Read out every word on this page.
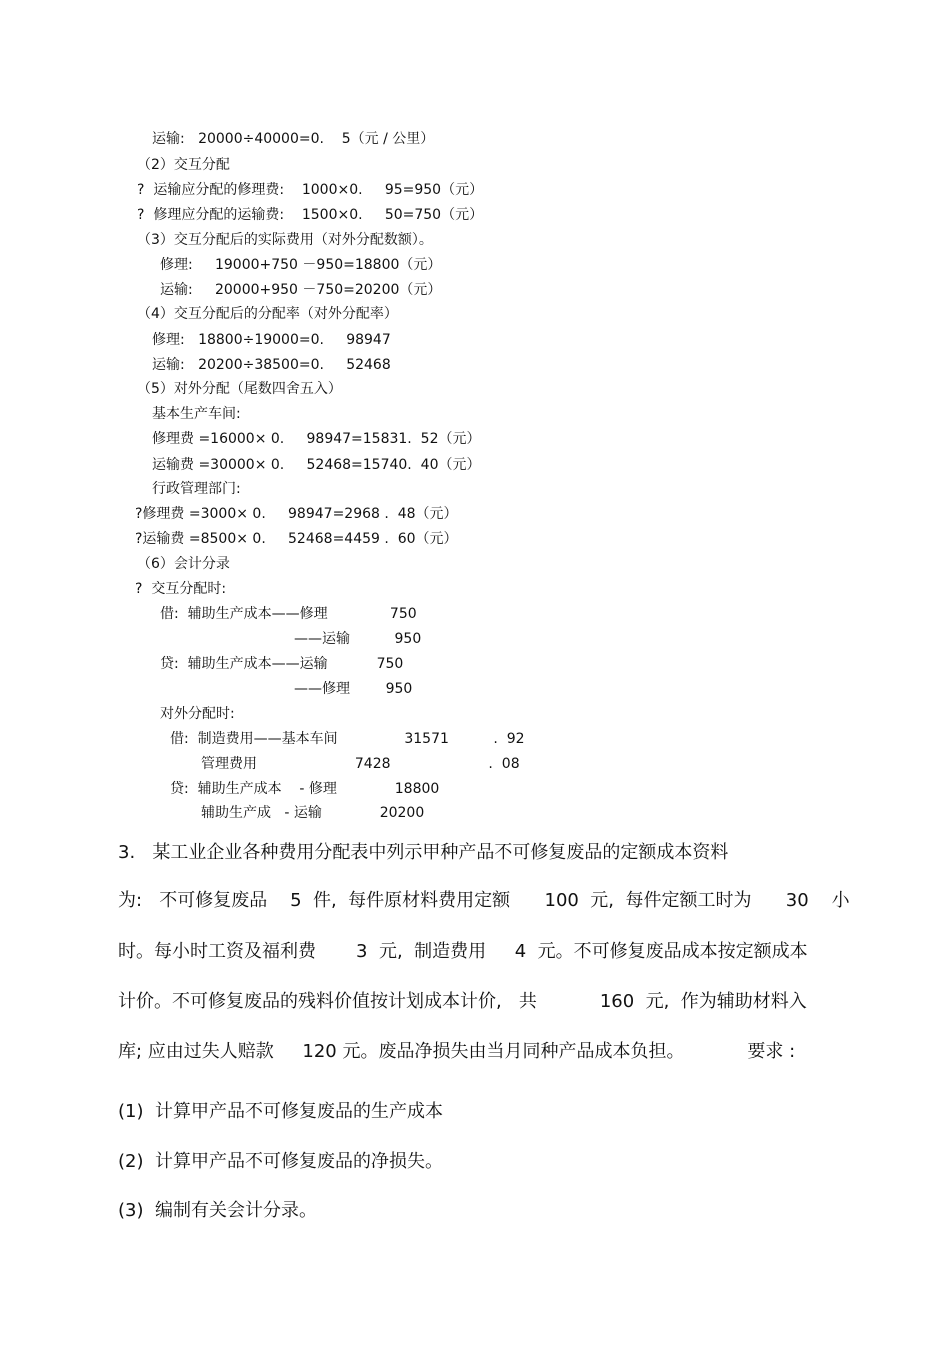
运输:   20000÷40000=0.    5（元 / 公里）
（2）交互分配
?  运输应分配的修理费:    1000×0.     95=950（元）
?  修理应分配的运输费:    1500×0.     50=750（元）
（3）交互分配后的实际费用（对外分配数额）。
修理:     19000+750 －950=18800（元）
运输:     20000+950 －750=20200（元）
（4）交互分配后的分配率（对外分配率）
修理:   18800÷19000=0.     98947
运输:   20200÷38500=0.     52468
（5）对外分配（尾数四舍五入）
基本生产车间:
修理费 =16000× 0.     98947=15831.  52（元）
运输费 =30000× 0.     52468=15740.  40（元）
行政管理部门:
?修理费 =3000× 0.     98947=2968 .  48（元）
?运输费 =8500× 0.     52468=4459 .  60（元）
（6）会计分录
?  交互分配时:
借:  辅助生产成本——修理              750
——运输          950
贷:  辅助生产成本——运输           750
——修理        950
对外分配时:
借:  制造费用——基本车间               31571          .  92
管理费用                      7428                      .  08
贷:  辅助生产成本    - 修理             18800
辅助生产成   - 运输             20200
3.   某工业企业各种费用分配表中列示甲种产品不可修复废品的定额成本资料
为:   不可修复废品    5  件,  每件原材料费用定额      100  元,  每件定额工时为      30    小
时。每小时工资及福利费       3  元,  制造费用     4  元。不可修复废品成本按定额成本
计价。不可修复废品的残料价值按计划成本计价,   共           160  元,  作为辅助材料入
库; 应由过失人赔款     120 元。废品净损失由当月同种产品成本负担。           要求 :
(1)  计算甲产品不可修复废品的生产成本
(2)  计算甲产品不可修复废品的净损失。
(3)  编制有关会计分录。
